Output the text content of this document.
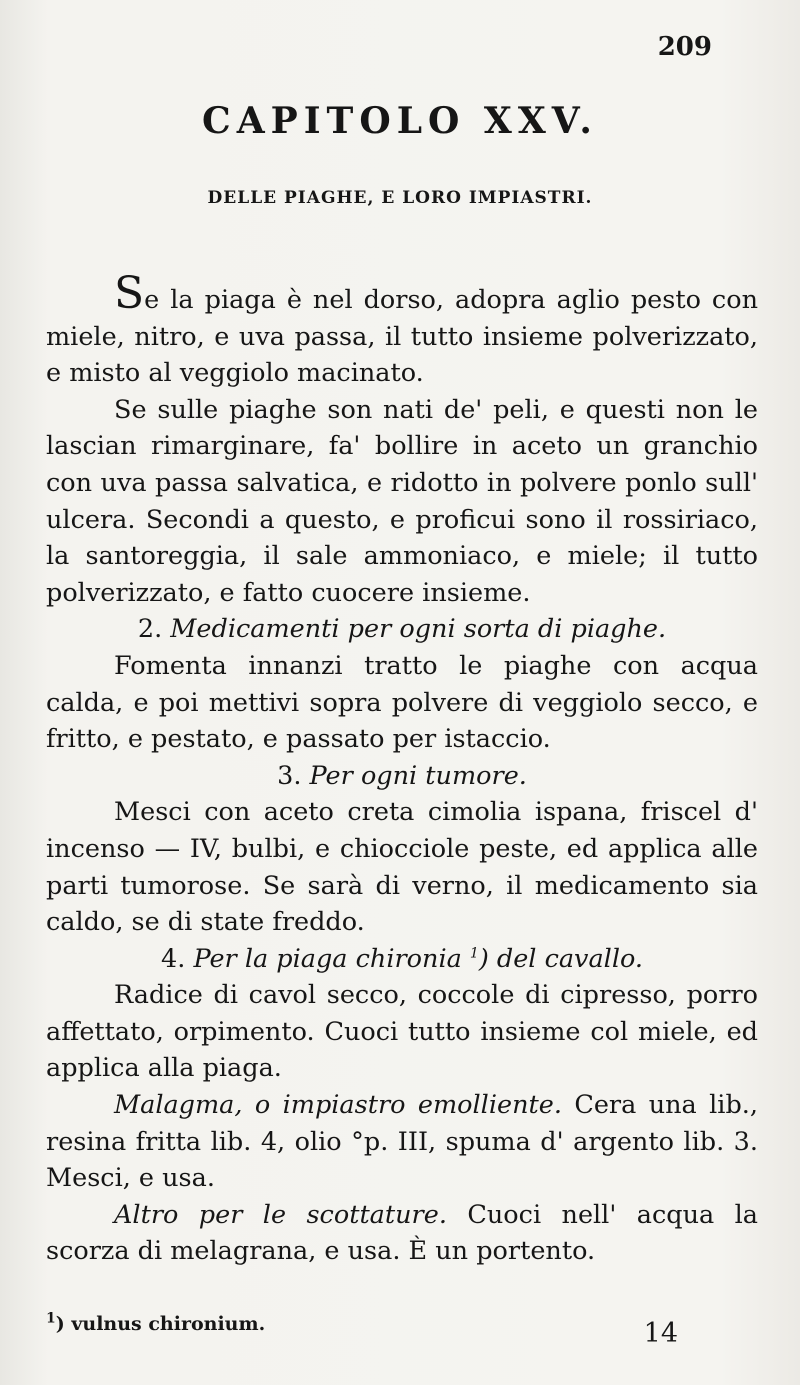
209
CAPITOLO XXV.
DELLE PIAGHE, E LORO IMPIASTRI.

Se la piaga è nel dorso, adopra aglio pesto con miele, nitro, e uva passa, il tutto insieme polverizzato, e misto al veggiolo macinato.

Se sulle piaghe son nati de' peli, e questi non le lascian rimarginare, fa' bollire in aceto un granchio con uva passa salvatica, e ridotto in polvere ponlo sull' ulcera. Secondi a questo, e proficui sono il rossiriaco, la santoreggia, il sale ammoniaco, e miele; il tutto polverizzato, e fatto cuocere insieme.

2. Medicamenti per ogni sorta di piaghe.

Fomenta innanzi tratto le piaghe con acqua calda, e poi mettivi sopra polvere di veggiolo secco, e fritto, e pestato, e passato per istaccio.

3. Per ogni tumore.

Mesci con aceto creta cimolia ispana, friscel d' incenso — IV, bulbi, e chiocciole peste, ed applica alle parti tumorose. Se sarà di verno, il medicamento sia caldo, se di state freddo.

4. Per la piaga chironia $^1$) del cavallo.

Radice di cavol secco, coccole di cipresso, porro affettato, orpimento. Cuoci tutto insieme col miele, ed applica alla piaga.

Malagma, o impiastro emolliente. Cera una lib., resina fritta lib. 4, olio °p. III, spuma d' argento lib. 3. Mesci, e usa.

Altro per le scottature. Cuoci nell' acqua la scorza di melagrana, e usa. È un portento.

$^1$) vulnus chironium.	14
